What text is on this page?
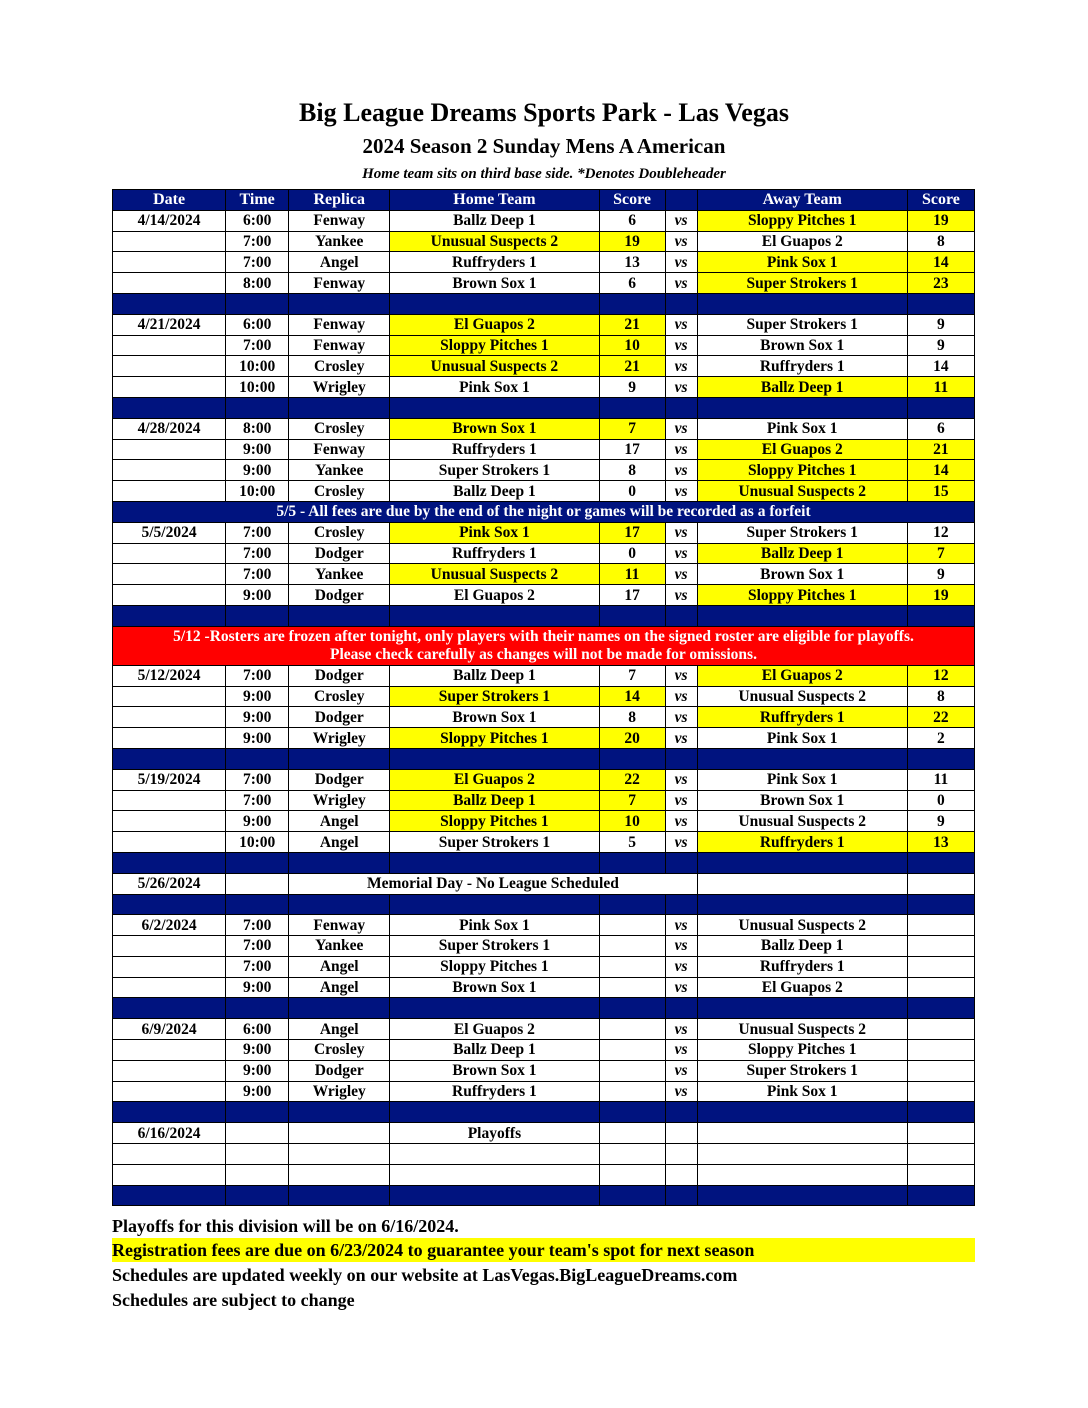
Big League Dreams Sports Park - Las Vegas
2024 Season 2 Sunday Mens A American
Home team sits on third base side. *Denotes Doubleheader
Date	Time	Replica	Home Team	Score		Away Team	Score
4/14/2024	6:00	Fenway	Ballz Deep 1	6	vs	Sloppy Pitches 1	19
	7:00	Yankee	Unusual Suspects 2	19	vs	El Guapos 2	8
	7:00	Angel	Ruffryders 1	13	vs	Pink Sox 1	14
	8:00	Fenway	Brown Sox 1	6	vs	Super Strokers 1	23

4/21/2024	6:00	Fenway	El Guapos 2	21	vs	Super Strokers 1	9
	7:00	Fenway	Sloppy Pitches 1	10	vs	Brown Sox 1	9
	10:00	Crosley	Unusual Suspects 2	21	vs	Ruffryders 1	14
	10:00	Wrigley	Pink Sox 1	9	vs	Ballz Deep 1	11

4/28/2024	8:00	Crosley	Brown Sox 1	7	vs	Pink Sox 1	6
	9:00	Fenway	Ruffryders 1	17	vs	El Guapos 2	21
	9:00	Yankee	Super Strokers 1	8	vs	Sloppy Pitches 1	14
	10:00	Crosley	Ballz Deep 1	0	vs	Unusual Suspects 2	15
5/5 - All fees are due by the end of the night or games will be recorded as a forfeit							
5/5/2024	7:00	Crosley	Pink Sox 1	17	vs	Super Strokers 1	12
	7:00	Dodger	Ruffryders 1	0	vs	Ballz Deep 1	7
	7:00	Yankee	Unusual Suspects 2	11	vs	Brown Sox 1	9
	9:00	Dodger	El Guapos 2	17	vs	Sloppy Pitches 1	19

5/12 -Rosters are frozen after tonight, only players with their names on the signed roster are eligible for playoffs.
Please check carefully as changes will not be made for omissions.							

5/12/2024	7:00	Dodger	Ballz Deep 1	7	vs	El Guapos 2	12
	9:00	Crosley	Super Strokers 1	14	vs	Unusual Suspects 2	8
	9:00	Dodger	Brown Sox 1	8	vs	Ruffryders 1	22
	9:00	Wrigley	Sloppy Pitches 1	20	vs	Pink Sox 1	2

5/19/2024	7:00	Dodger	El Guapos 2	22	vs	Pink Sox 1	11
	7:00	Wrigley	Ballz Deep 1	7	vs	Brown Sox 1	0
	9:00	Angel	Sloppy Pitches 1	10	vs	Unusual Suspects 2	9
	10:00	Angel	Super Strokers 1	5	vs	Ruffryders 1	13

5/26/2024		Memorial Day - No League Scheduled					

6/2/2024	7:00	Fenway	Pink Sox 1		vs	Unusual Suspects 2	
	7:00	Yankee	Super Strokers 1		vs	Ballz Deep 1	
	7:00	Angel	Sloppy Pitches 1		vs	Ruffryders 1	
	9:00	Angel	Brown Sox 1		vs	El Guapos 2	

6/9/2024	6:00	Angel	El Guapos 2		vs	Unusual Suspects 2	
	9:00	Crosley	Ballz Deep 1		vs	Sloppy Pitches 1	
	9:00	Dodger	Brown Sox 1		vs	Super Strokers 1	
	9:00	Wrigley	Ruffryders 1		vs	Pink Sox 1	

6/16/2024			Playoffs				

Playoffs for this division will be on 6/16/2024.
Registration fees are due on 6/23/2024 to guarantee your team's spot for next season
Schedules are updated weekly on our website at LasVegas.BigLeagueDreams.com
Schedules are subject to change
